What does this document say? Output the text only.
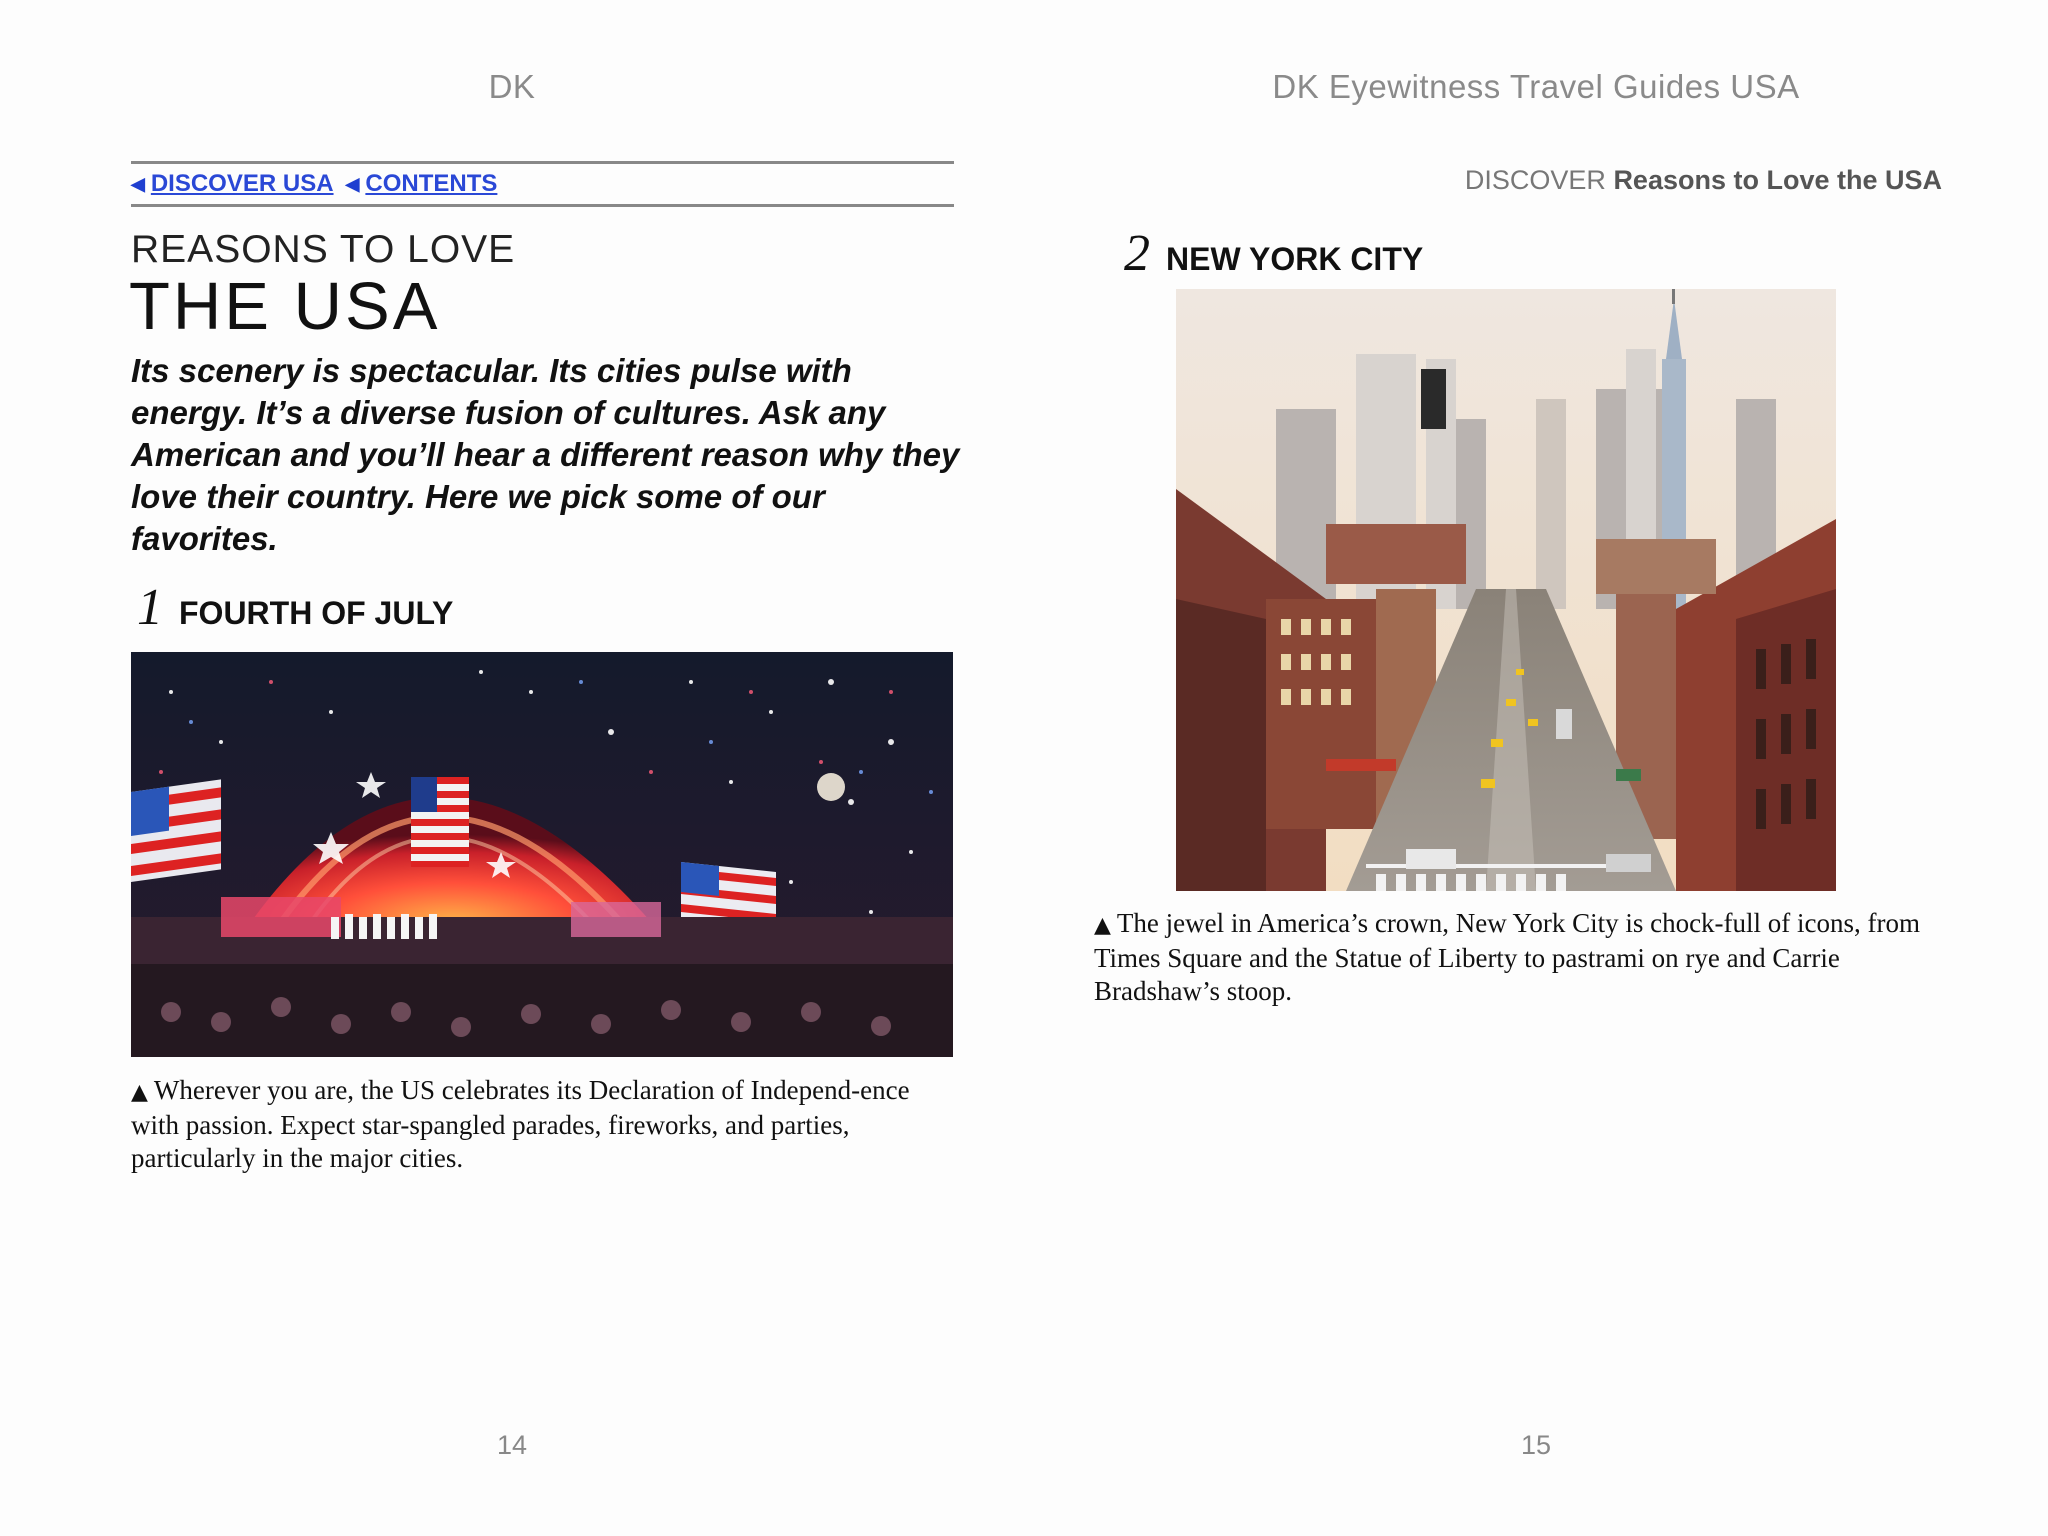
DK
◀ DISCOVER USA ◀ CONTENTS
REASONS TO LOVE
THE USA
Its scenery is spectacular. Its cities pulse with energy. It’s a diverse fusion of cultures. Ask any American and you’ll hear a different reason why they love their country. Here we pick some of our favorites.
1 FOURTH OF JULY
▲ Wherever you are, the US celebrates its Declaration of Independ-ence with passion. Expect star-spangled parades, fireworks, and parties, particularly in the major cities.
14
DK Eyewitness Travel Guides USA
DISCOVER Reasons to Love the USA
2 NEW YORK CITY
▲ The jewel in America’s crown, New York City is chock-full of icons, from Times Square and the Statue of Liberty to pastrami on rye and Carrie Bradshaw’s stoop.
15
